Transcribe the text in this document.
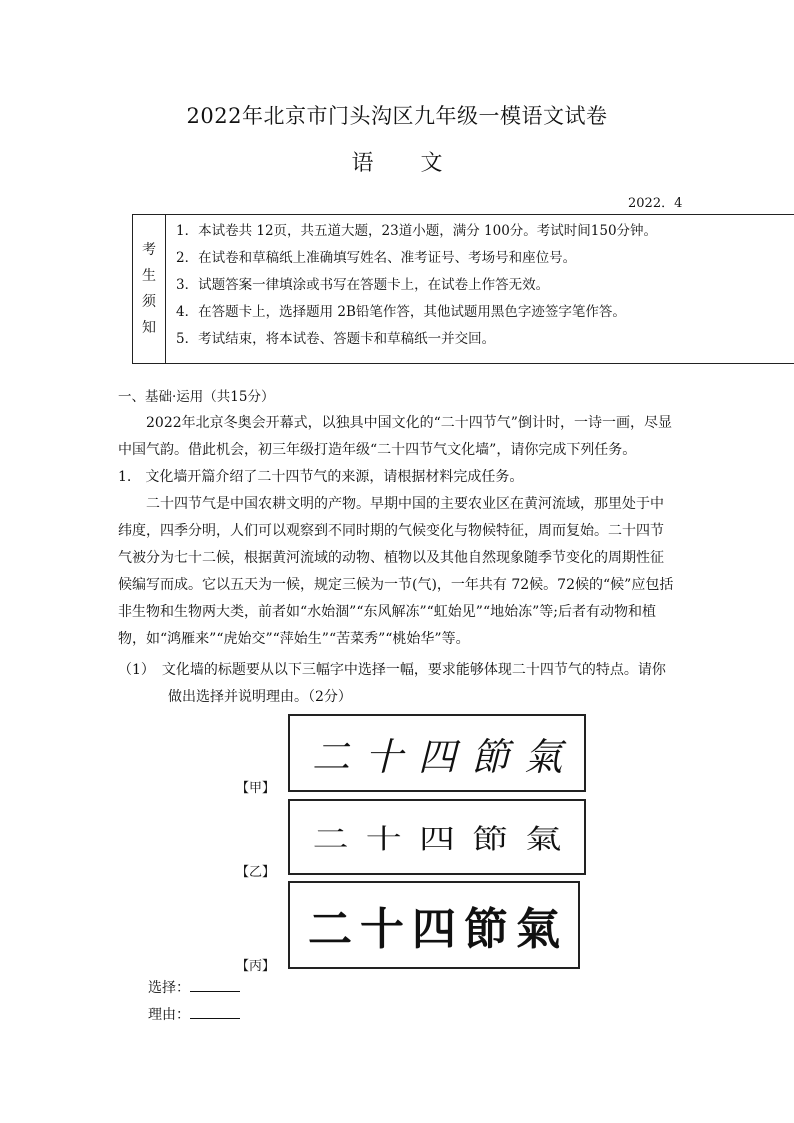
2022年北京市门头沟区九年级一模语文试卷
语 文
2022．4
考
生
须
知
1．本试卷共 12页，共五道大题，23道小题，满分 100分。考试时间150分钟。
2．在试卷和草稿纸上准确填写姓名、准考证号、考场号和座位号。
3．试题答案一律填涂或书写在答题卡上，在试卷上作答无效。
4．在答题卡上，选择题用 2B铅笔作答，其他试题用黑色字迹签字笔作答。
5．考试结束，将本试卷、答题卡和草稿纸一并交回。
一、基础·运用（共15分）
　　2022年北京冬奥会开幕式，以独具中国文化的“二十四节气”倒计时，一诗一画，尽显
中国气韵。借此机会，初三年级打造年级“二十四节气文化墙”，请你完成下列任务。
1.　文化墙开篇介绍了二十四节气的来源，请根据材料完成任务。
　　二十四节气是中国农耕文明的产物。早期中国的主要农业区在黄河流域，那里处于中
纬度，四季分明，人们可以观察到不同时期的气候变化与物候特征，周而复始。二十四节
气被分为七十二候，根据黄河流域的动物、植物以及其他自然现象随季节变化的周期性征
候编写而成。它以五天为一候，规定三候为一节(气)，一年共有 72候。72候的“候”应包括
非生物和生物两大类，前者如“水始涸”“东风解冻”“虹始见”“地始冻”等;后者有动物和植
物，如“鸿雁来”“虎始交”“萍始生”“苦菜秀”“桃始华”等。
（1）　文化墙的标题要从以下三幅字中选择一幅，要求能够体现二十四节气的特点。请你
做出选择并说明理由。（2分）
二 十 四 節 氣
【甲】
二 十 四 節 氣
【乙】
二 十 四 節 氣
【丙】
选择：
理由：
